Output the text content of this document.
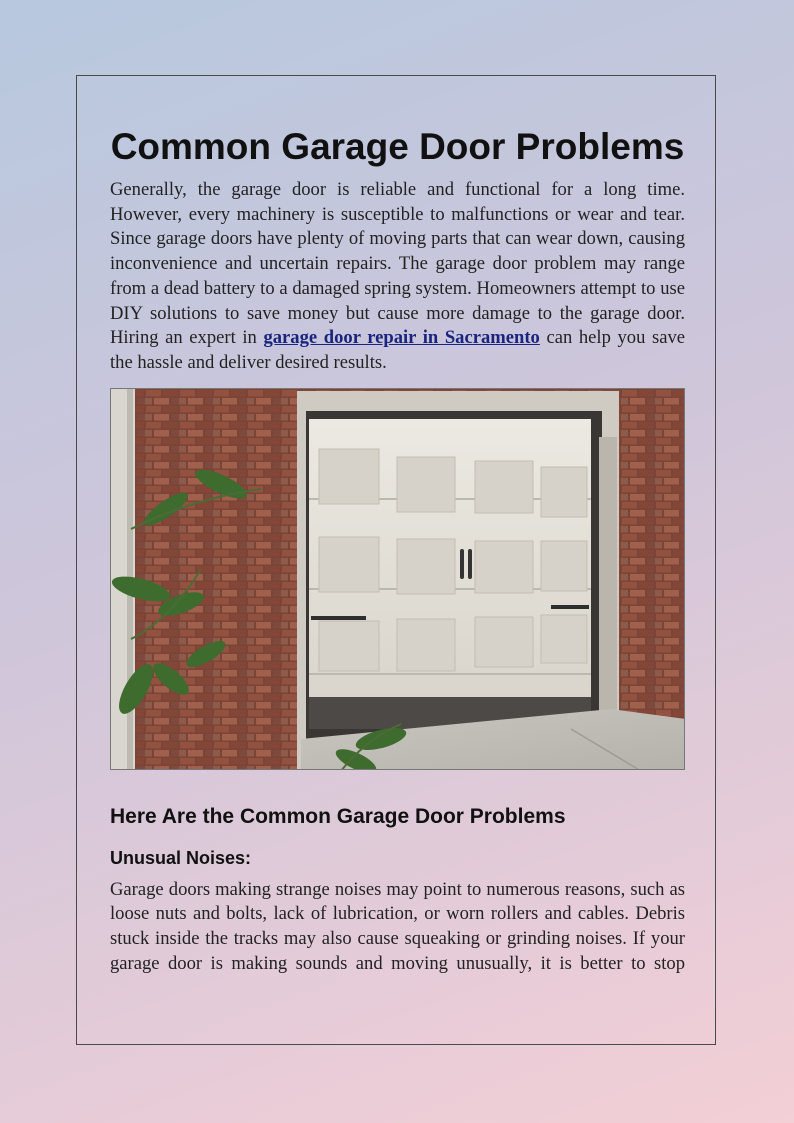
Common Garage Door Problems

Generally, the garage door is reliable and functional for a long time. However, every machinery is susceptible to malfunctions or wear and tear. Since garage doors have plenty of moving parts that can wear down, causing inconvenience and uncertain repairs. The garage door problem may range from a dead battery to a damaged spring system. Homeowners attempt to use DIY solutions to save money but cause more damage to the garage door. Hiring an expert in garage door repair in Sacramento can help you save the hassle and deliver desired results.

Here Are the Common Garage Door Problems
Unusual Noises:

Garage doors making strange noises may point to numerous reasons, such as loose nuts and bolts, lack of lubrication, or worn rollers and cables. Debris stuck inside the tracks may also cause squeaking or grinding noises. If your garage door is making sounds and moving unusually, it is better to stop
